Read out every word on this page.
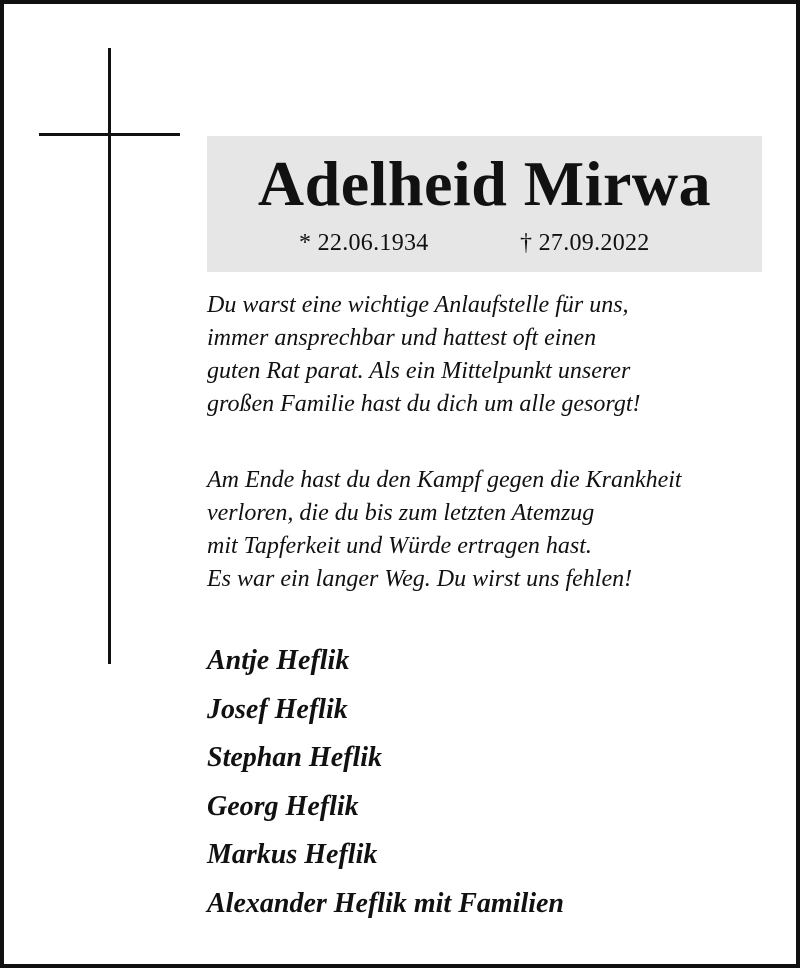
Adelheid Mirwa
* 22.06.1934	† 27.09.2022
Du warst eine wichtige Anlaufstelle für uns,
immer ansprechbar und hattest oft einen
guten Rat parat. Als ein Mittelpunkt unserer
großen Familie hast du dich um alle gesorgt!
Am Ende hast du den Kampf gegen die Krankheit
verloren, die du bis zum letzten Atemzug
mit Tapferkeit und Würde ertragen hast.
Es war ein langer Weg. Du wirst uns fehlen!
Antje Heflik
Josef Heflik
Stephan Heflik
Georg Heflik
Markus Heflik
Alexander Heflik mit Familien
